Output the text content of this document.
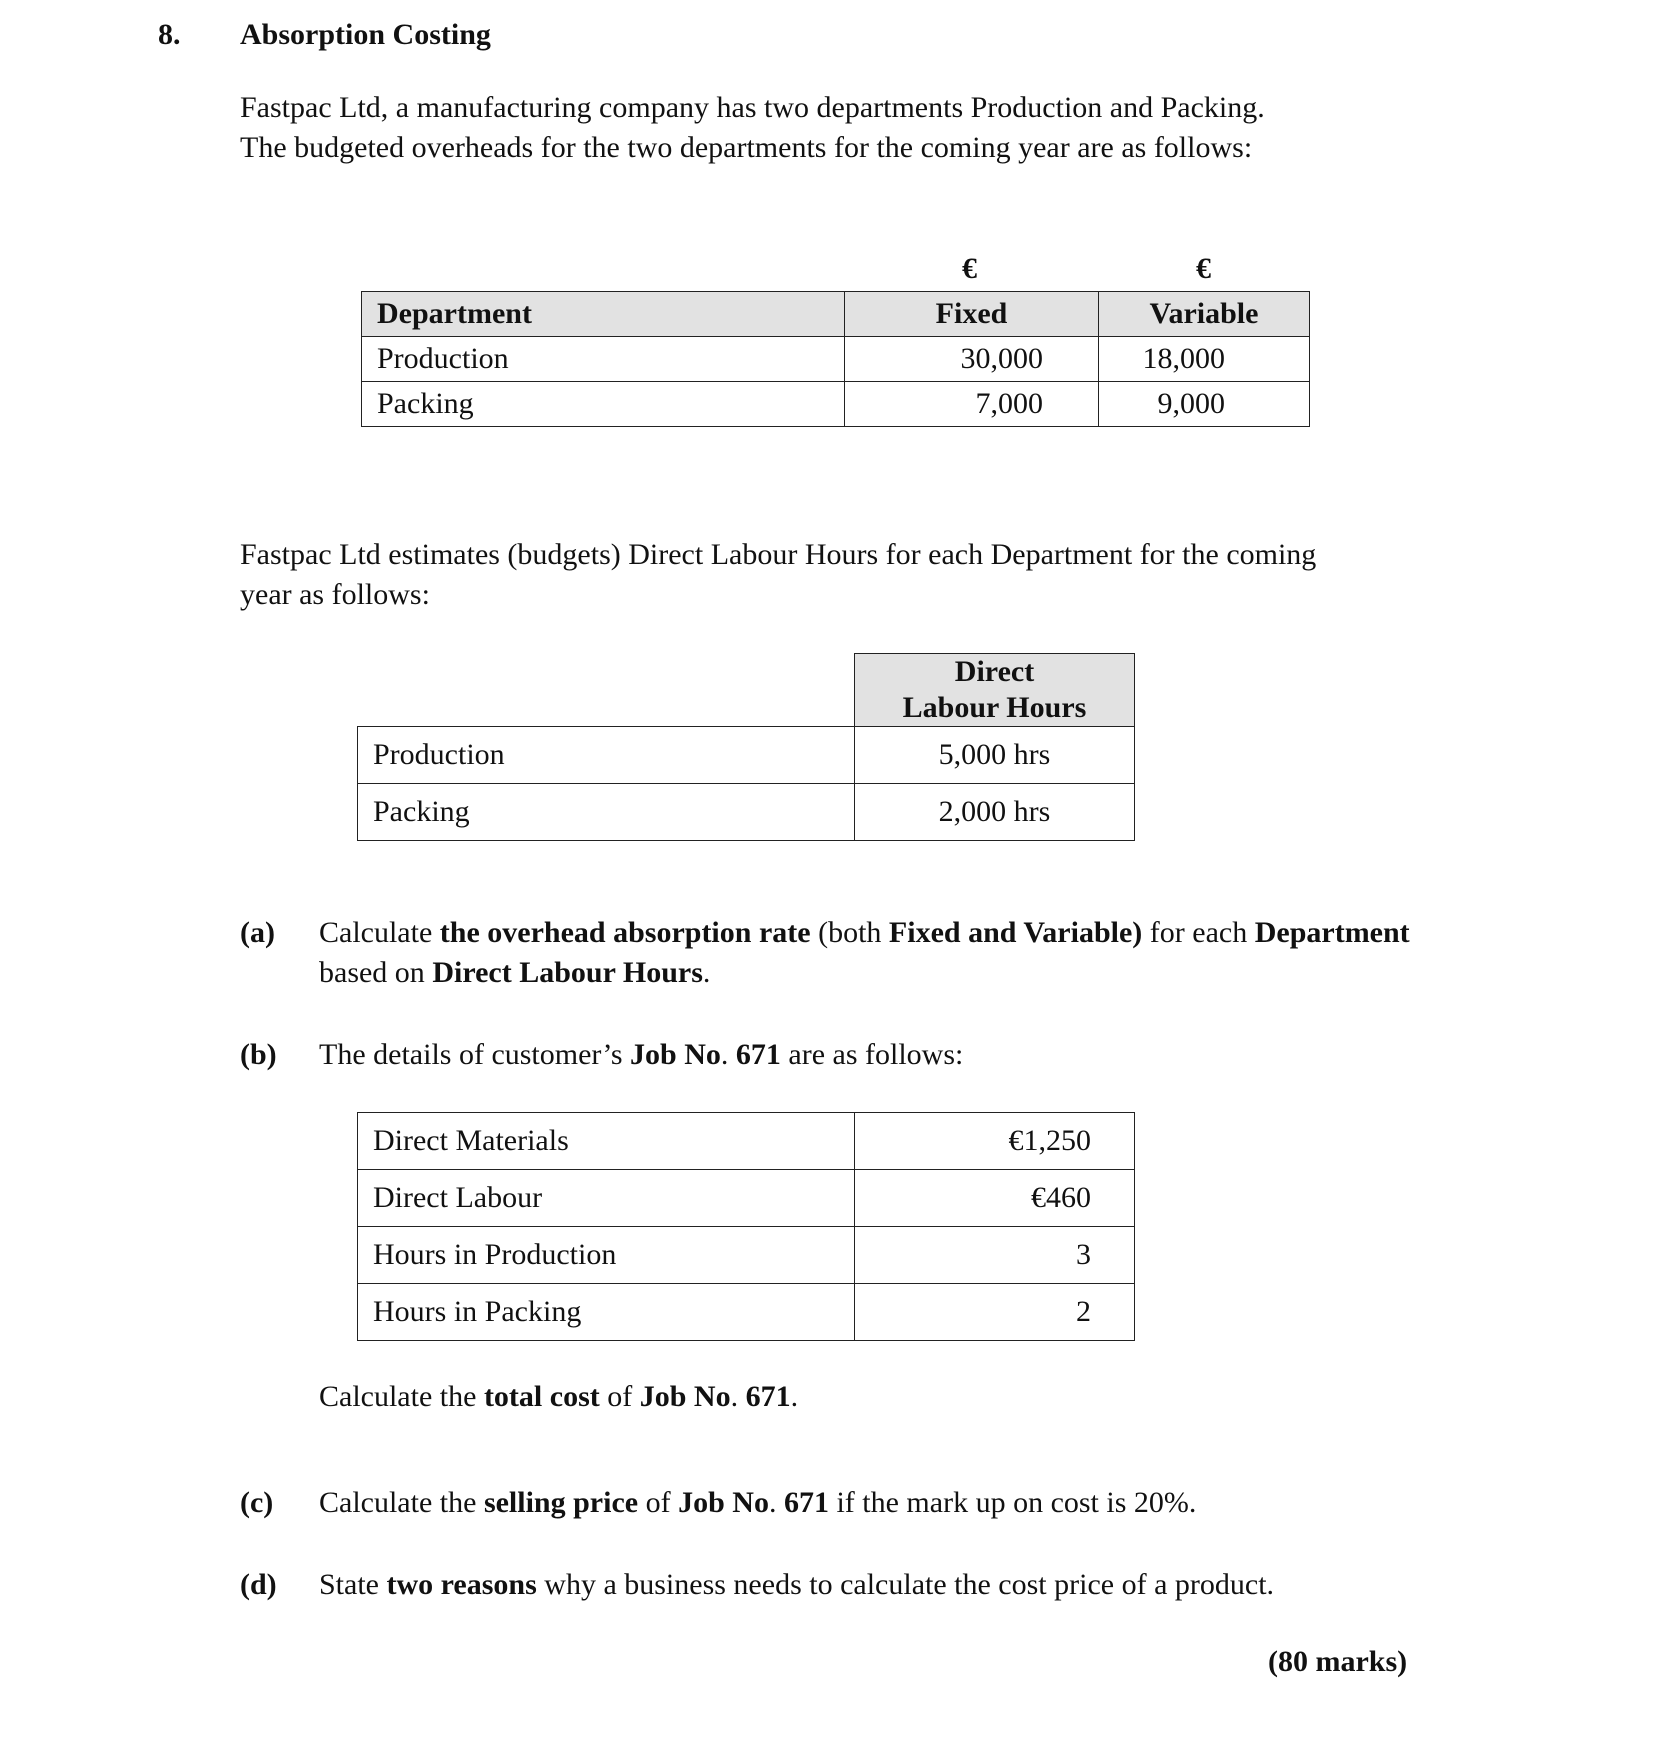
8. Absorption Costing

Fastpac Ltd, a manufacturing company has two departments Production and Packing.

The budgeted overheads for the two departments for the coming year are as follows:

€	€
Department	Fixed	Variable
Production	30,000	18,000
Packing	7,000	9,000

Fastpac Ltd estimates (budgets) Direct Labour Hours for each Department for the coming

year as follows:

	Direct
Labour Hours

Production	5,000 hrs
Packing	2,000 hrs

(a) Calculate the overhead absorption rate (both Fixed and Variable) for each Department

based on Direct Labour Hours.

(b) The details of customer’s Job No. 671 are as follows:

Direct Materials	€1,250
Direct Labour	€460
Hours in Production	3
Hours in Packing	2

Calculate the total cost of Job No. 671.

(c) Calculate the selling price of Job No. 671 if the mark up on cost is 20%.

(d) State two reasons why a business needs to calculate the cost price of a product.

(80 marks)
